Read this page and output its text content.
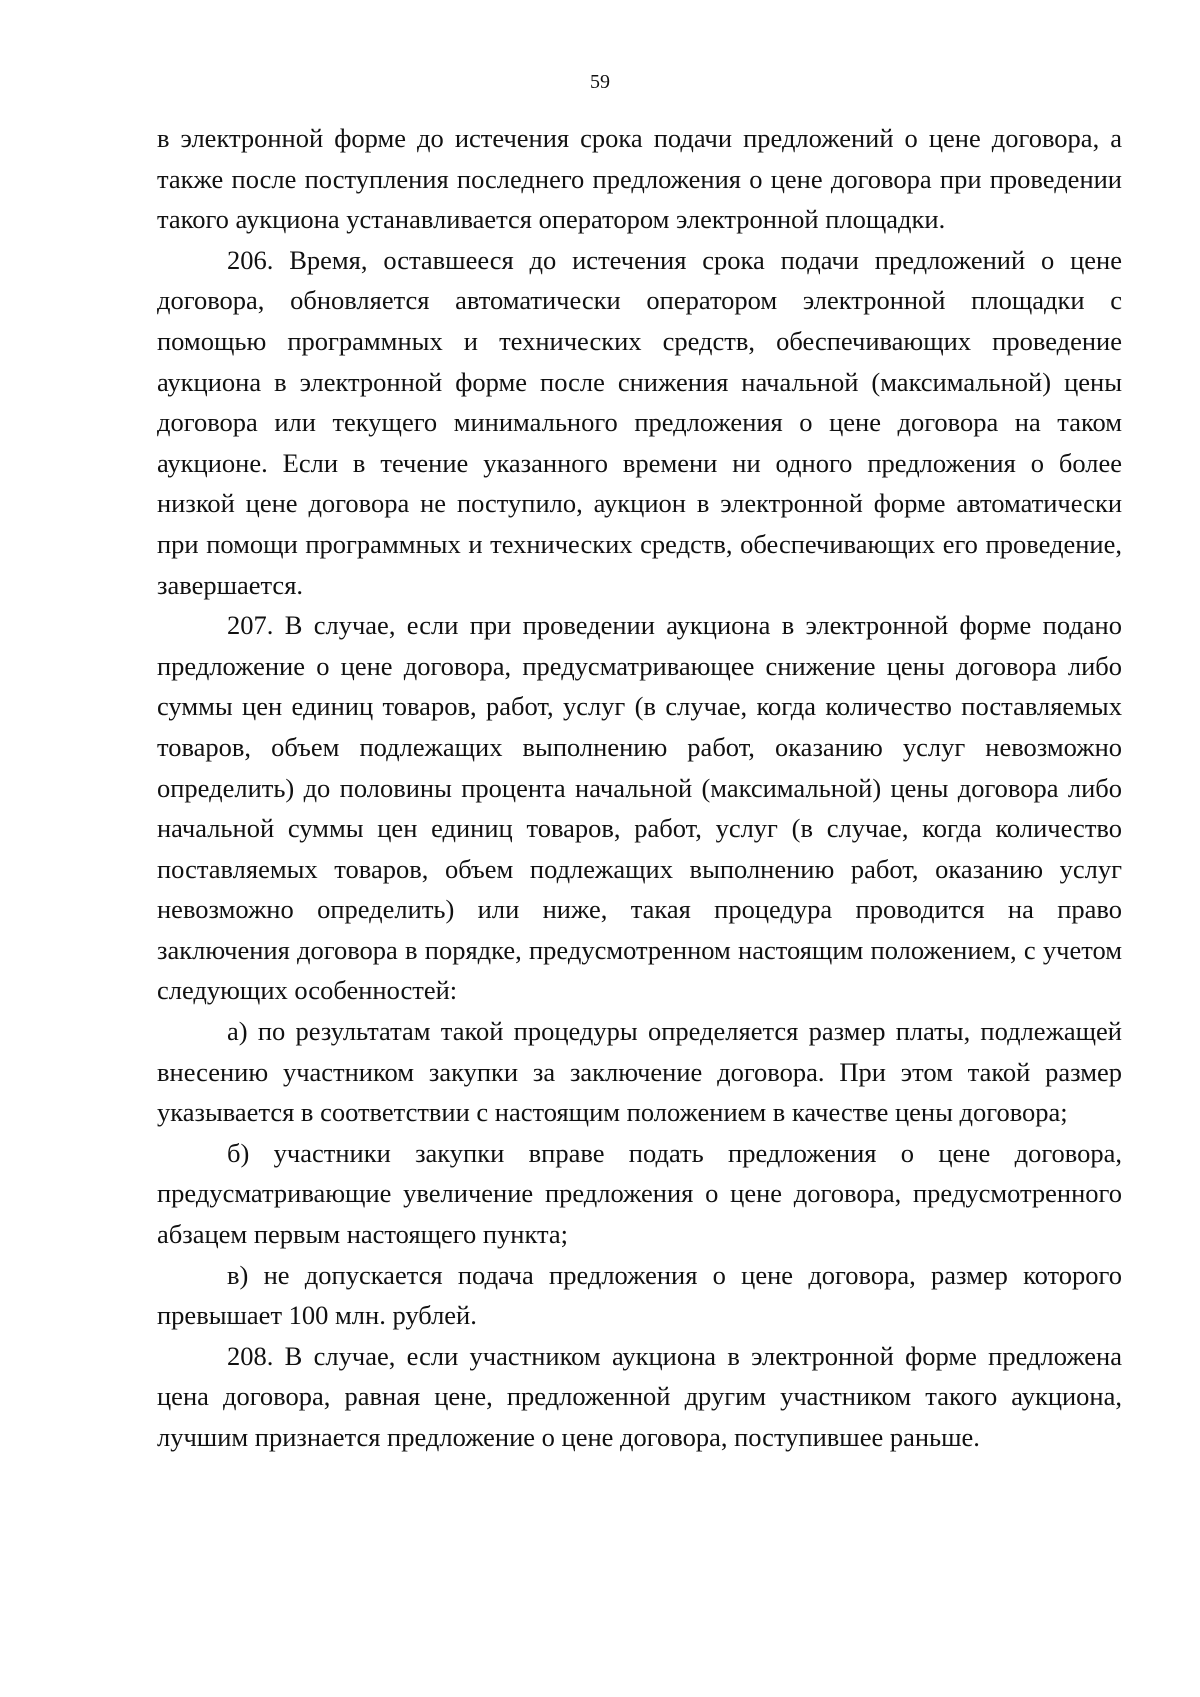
59

в электронной форме до истечения срока подачи предложений о цене договора, а также после поступления последнего предложения о цене договора при проведении такого аукциона устанавливается оператором электронной площадки.

206. Время, оставшееся до истечения срока подачи предложений о цене договора, обновляется автоматически оператором электронной площадки с помощью программных и технических средств, обеспечивающих проведение аукциона в электронной форме после снижения начальной (максимальной) цены договора или текущего минимального предложения о цене договора на таком аукционе. Если в течение указанного времени ни одного предложения о более низкой цене договора не поступило, аукцион в электронной форме автоматически при помощи программных и технических средств, обеспечивающих его проведение, завершается.

207. В случае, если при проведении аукциона в электронной форме подано предложение о цене договора, предусматривающее снижение цены договора либо суммы цен единиц товаров, работ, услуг (в случае, когда количество поставляемых товаров, объем подлежащих выполнению работ, оказанию услуг невозможно определить) до половины процента начальной (максимальной) цены договора либо начальной суммы цен единиц товаров, работ, услуг (в случае, когда количество поставляемых товаров, объем подлежащих выполнению работ, оказанию услуг невозможно определить) или ниже, такая процедура проводится на право заключения договора в порядке, предусмотренном настоящим положением, с учетом следующих особенностей:

а) по результатам такой процедуры определяется размер платы, подлежащей внесению участником закупки за заключение договора. При этом такой размер указывается в соответствии с настоящим положением в качестве цены договора;

б) участники закупки вправе подать предложения о цене договора, предусматривающие увеличение предложения о цене договора, предусмотренного абзацем первым настоящего пункта;

в) не допускается подача предложения о цене договора, размер которого превышает 100 млн. рублей.

208. В случае, если участником аукциона в электронной форме предложена цена договора, равная цене, предложенной другим участником такого аукциона, лучшим признается предложение о цене договора, поступившее раньше.
